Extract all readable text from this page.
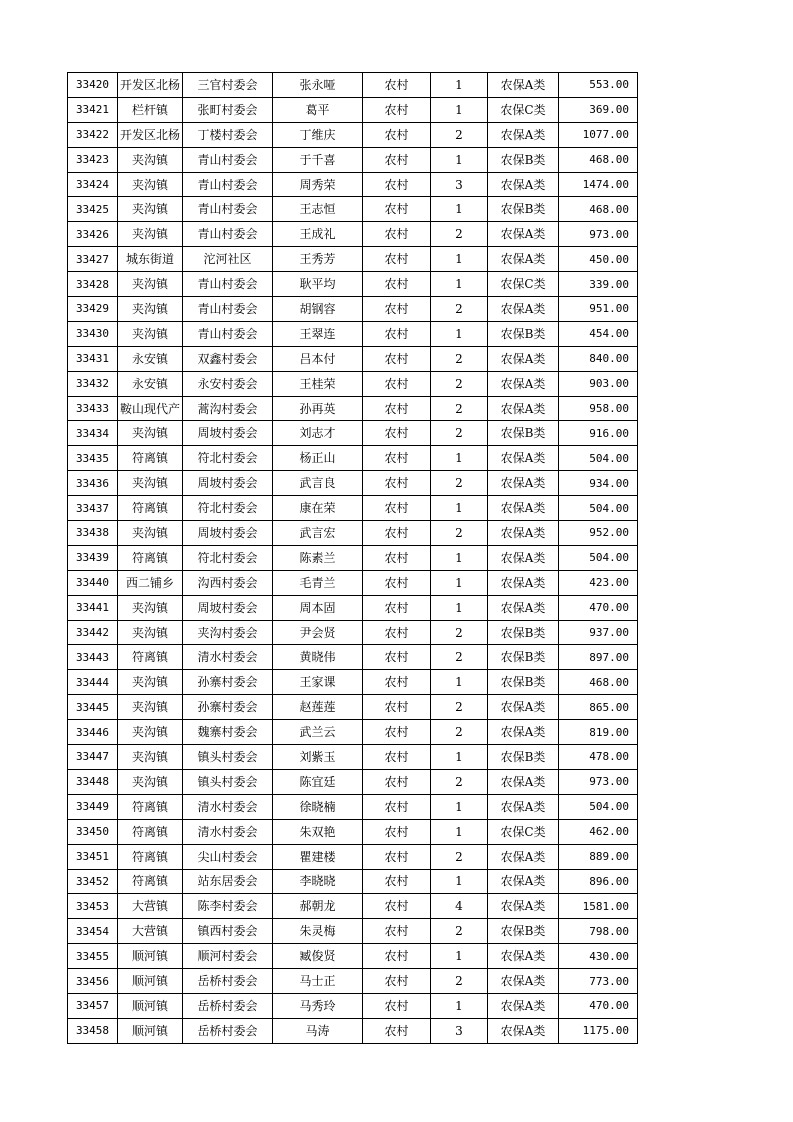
33420	开发区北杨	三官村委会	张永哑	农村	1	农保A类	553.00
33421	栏杆镇	张町村委会	葛平	农村	1	农保C类	369.00
33422	开发区北杨	丁楼村委会	丁维庆	农村	2	农保A类	1077.00
33423	夹沟镇	青山村委会	于千喜	农村	1	农保B类	468.00
33424	夹沟镇	青山村委会	周秀荣	农村	3	农保A类	1474.00
33425	夹沟镇	青山村委会	王志恒	农村	1	农保B类	468.00
33426	夹沟镇	青山村委会	王成礼	农村	2	农保A类	973.00
33427	城东街道	沱河社区	王秀芳	农村	1	农保A类	450.00
33428	夹沟镇	青山村委会	耿平均	农村	1	农保C类	339.00
33429	夹沟镇	青山村委会	胡钢容	农村	2	农保A类	951.00
33430	夹沟镇	青山村委会	王翠连	农村	1	农保B类	454.00
33431	永安镇	双鑫村委会	吕本付	农村	2	农保A类	840.00
33432	永安镇	永安村委会	王桂荣	农村	2	农保A类	903.00
33433	鞍山现代产	蒿沟村委会	孙再英	农村	2	农保A类	958.00
33434	夹沟镇	周坡村委会	刘志才	农村	2	农保B类	916.00
33435	符离镇	符北村委会	杨正山	农村	1	农保A类	504.00
33436	夹沟镇	周坡村委会	武言良	农村	2	农保A类	934.00
33437	符离镇	符北村委会	康在荣	农村	1	农保A类	504.00
33438	夹沟镇	周坡村委会	武言宏	农村	2	农保A类	952.00
33439	符离镇	符北村委会	陈素兰	农村	1	农保A类	504.00
33440	西二铺乡	沟西村委会	毛青兰	农村	1	农保A类	423.00
33441	夹沟镇	周坡村委会	周本固	农村	1	农保A类	470.00
33442	夹沟镇	夹沟村委会	尹会贤	农村	2	农保B类	937.00
33443	符离镇	清水村委会	黄晓伟	农村	2	农保B类	897.00
33444	夹沟镇	孙寨村委会	王家课	农村	1	农保B类	468.00
33445	夹沟镇	孙寨村委会	赵莲莲	农村	2	农保A类	865.00
33446	夹沟镇	魏寨村委会	武兰云	农村	2	农保A类	819.00
33447	夹沟镇	镇头村委会	刘紫玉	农村	1	农保B类	478.00
33448	夹沟镇	镇头村委会	陈宜廷	农村	2	农保A类	973.00
33449	符离镇	清水村委会	徐晓楠	农村	1	农保A类	504.00
33450	符离镇	清水村委会	朱双艳	农村	1	农保C类	462.00
33451	符离镇	尖山村委会	瞿建楼	农村	2	农保A类	889.00
33452	符离镇	站东居委会	李晓晓	农村	1	农保A类	896.00
33453	大营镇	陈李村委会	郝朝龙	农村	4	农保A类	1581.00
33454	大营镇	镇西村委会	朱灵梅	农村	2	农保B类	798.00
33455	顺河镇	顺河村委会	臧俊贤	农村	1	农保A类	430.00
33456	顺河镇	岳桥村委会	马士正	农村	2	农保A类	773.00
33457	顺河镇	岳桥村委会	马秀玲	农村	1	农保A类	470.00
33458	顺河镇	岳桥村委会	马涛	农村	3	农保A类	1175.00
